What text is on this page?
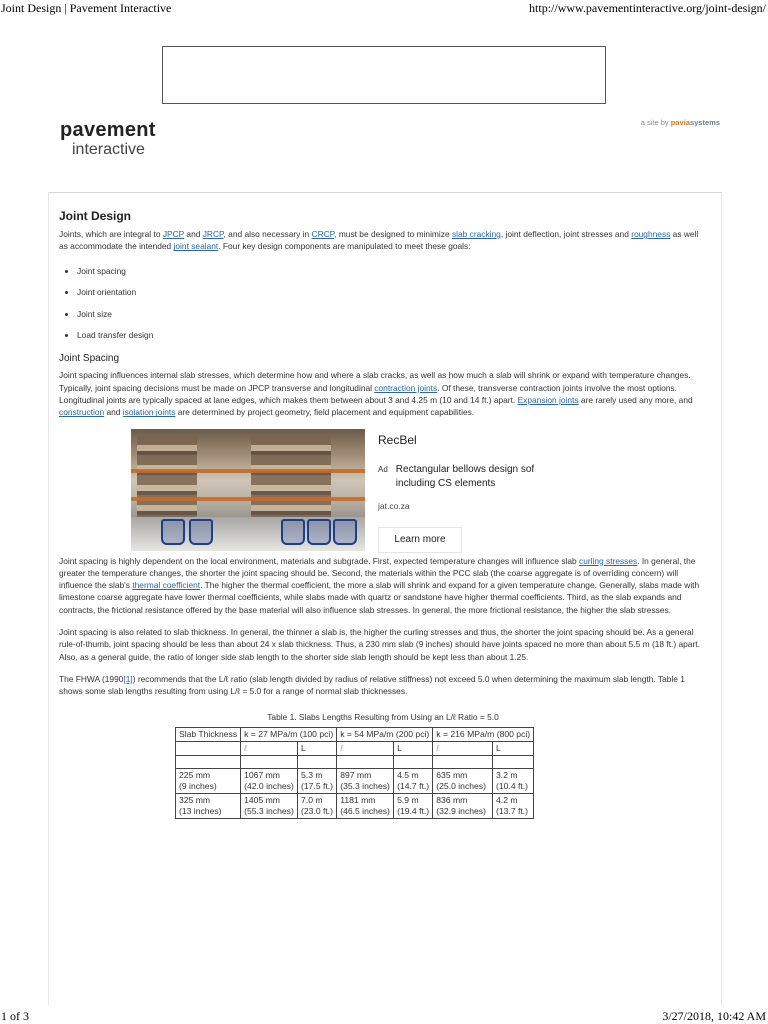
Joint Design | Pavement Interactive	http://www.pavementinteractive.org/joint-design/
pavement
interactive
a site by paviasystems
Joint Design

Joints, which are integral to JPCP and JRCP, and also necessary in CRCP, must be designed to minimize slab cracking, joint deflection, joint stresses and roughness as well as accommodate the intended joint sealant. Four key design components are manipulated to meet these goals:

• Joint spacing
• Joint orientation
• Joint size
• Load transfer design
Joint Spacing

Joint spacing influences internal slab stresses, which determine how and where a slab cracks, as well as how much a slab will shrink or expand with temperature changes. Typically, joint spacing decisions must be made on JPCP transverse and longitudinal contraction joints. Of these, transverse contraction joints involve the most options. Longitudinal joints are typically spaced at lane edges, which makes them between about 3 and 4.25 m (10 and 14 ft.) apart. Expansion joints are rarely used any more, and construction and isolation joints are determined by project geometry, field placement and equipment capabilities.

RecBel
Ad Rectangular bellows design sof including CS elements
jat.co.za
Learn more

Joint spacing is highly dependent on the local environment, materials and subgrade. First, expected temperature changes will influence slab curling stresses. In general, the greater the temperature changes, the shorter the joint spacing should be. Second, the materials within the PCC slab (the coarse aggregate is of overriding concern) will influence the slab's thermal coefficient. The higher the thermal coefficient, the more a slab will shrink and expand for a given temperature change. Generally, slabs made with limestone coarse aggregate have lower thermal coefficients, while slabs made with quartz or sandstone have higher thermal coefficients. Third, as the slab expands and contracts, the frictional resistance offered by the base material will also influence slab stresses. In general, the more frictional resistance, the higher the slab stresses.

Joint spacing is also related to slab thickness. In general, the thinner a slab is, the higher the curling stresses and thus, the shorter the joint spacing should be. As a general rule-of-thumb, joint spacing should be less than about 24 x slab thickness. Thus, a 230 mm slab (9 inches) should have joints spaced no more than about 5.5 m (18 ft.) apart. Also, as a general guide, the ratio of longer side slab length to the shorter side slab length should be kept less than about 1.25.

The FHWA (1990[1]) recommends that the L/ℓ ratio (slab length divided by radius of relative stiffness) not exceed 5.0 when determining the maximum slab length. Table 1 shows some slab lengths resulting from using L/ℓ = 5.0 for a range of normal slab thicknesses.

Table 1. Slabs Lengths Resulting from Using an L/ℓ Ratio = 5.0
Slab Thickness	k = 27 MPa/m (100 pci)		k = 54 MPa/m (200 pci)		k = 216 MPa/m (800 pci)	
	ℓ	L	ℓ	L	ℓ	L

225 mm
(9 inches)	1067 mm
(42.0 inches)	5.3 m
(17.5 ft.)	897 mm
(35.3 inches)	4.5 m
(14.7 ft.)	635 mm
(25.0 inches)	3.2 m
(10.4 ft.)
325 mm
(13 inches)	1405 mm
(55.3 inches)	7.0 m
(23.0 ft.)	1181 mm
(46.5 inches)	5.9 m
(19.4 ft.)	836 mm
(32.9 inches)	4.2 m
(13.7 ft.)
1 of 3	3/27/2018, 10:42 AM
